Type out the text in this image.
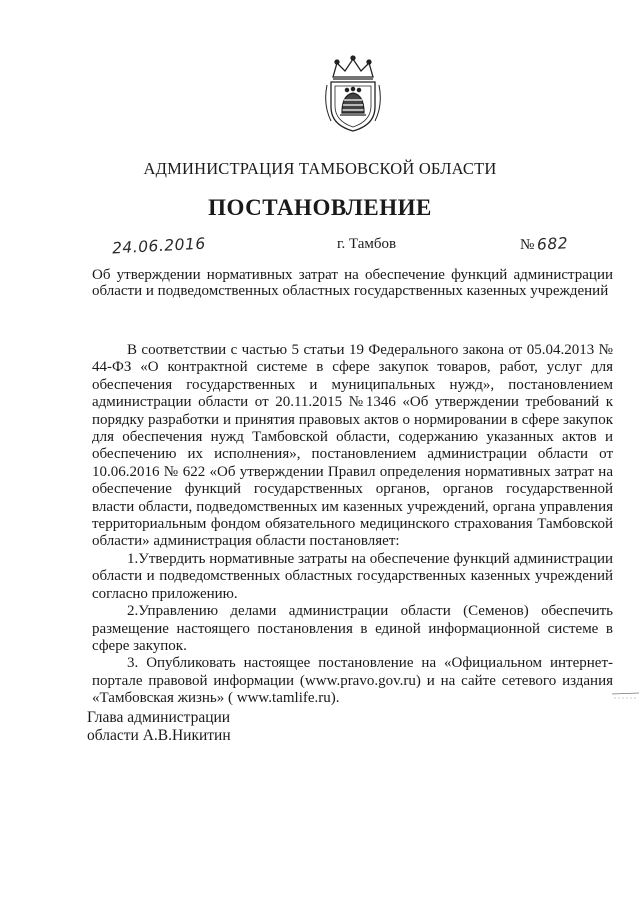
АДМИНИСТРАЦИЯ ТАМБОВСКОЙ ОБЛАСТИ
ПОСТАНОВЛЕНИЕ
24.06.2016	г. Тамбов	№ 682
Об утверждении нормативных затрат на обеспечение функций администрации области и подведомственных областных государственных казенных учреждений

В соответствии с частью 5 статьи 19 Федерального закона от 05.04.2013 № 44-ФЗ «О контрактной системе в сфере закупок товаров, работ, услуг для обеспечения государственных и муниципальных нужд», постановлением администрации области от 20.11.2015 №1346 «Об утверждении требований к порядку разработки и принятия правовых актов о нормировании в сфере закупок для обеспечения нужд Тамбовской области, содержанию указанных актов и обеспечению их исполнения», постановлением администрации области от 10.06.2016 № 622 «Об утверждении Правил определения нормативных затрат на обеспечение функций государственных органов, органов государственной власти области, подведомственных им казенных учреждений, органа управления территориальным фондом обязательного медицинского страхования Тамбовской области» администрация области постановляет:

1.Утвердить нормативные затраты на обеспечение функций администрации области и подведомственных областных государственных казенных учреждений согласно приложению.

2.Управлению делами администрации области (Семенов) обеспечить размещение настоящего постановления в единой информационной системе в сфере закупок.

3. Опубликовать настоящее постановление на «Официальном интернет-портале правовой информации (www.pravo.gov.ru) и на сайте сетевого издания «Тамбовская жизнь» ( www.tamlife.ru).

Глава администрации
области А.В.Никитин
